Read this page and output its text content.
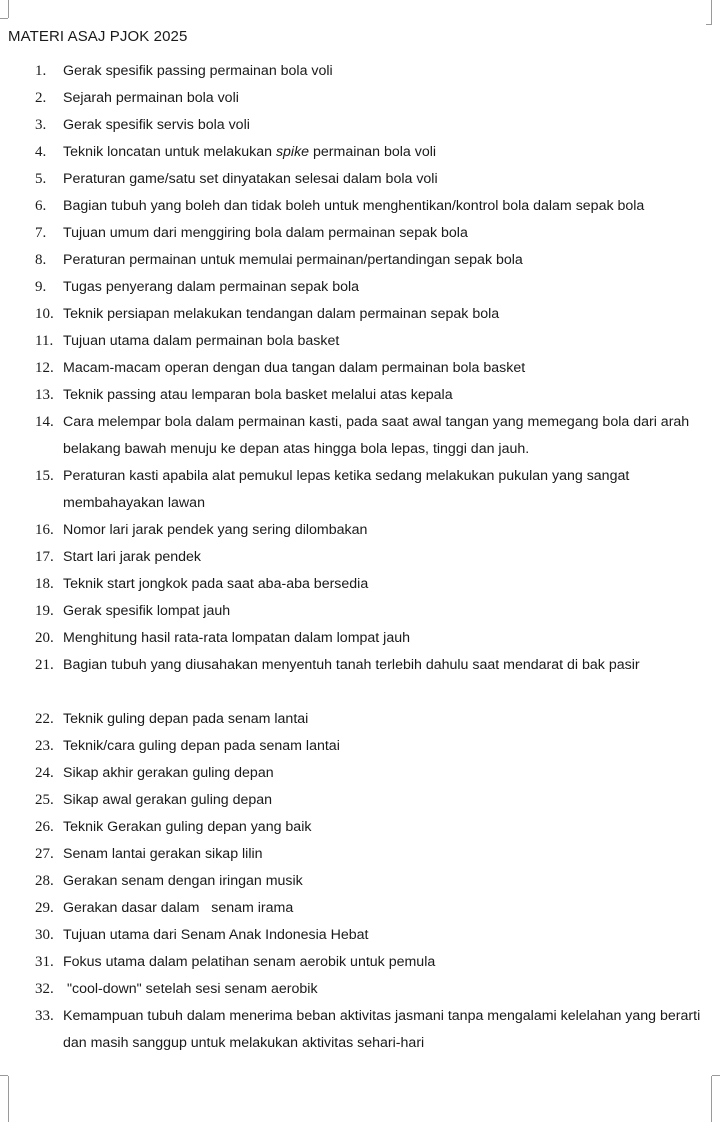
MATERI ASAJ PJOK 2025
1.	Gerak spesifik passing permainan bola voli
2.	Sejarah permainan bola voli
3.	Gerak spesifik servis bola voli
4.	Teknik loncatan untuk melakukan spike permainan bola voli
5.	Peraturan game/satu set dinyatakan selesai dalam bola voli
6.	Bagian tubuh yang boleh dan tidak boleh untuk menghentikan/kontrol bola dalam sepak bola
7.	Tujuan umum dari menggiring bola dalam permainan sepak bola
8.	Peraturan permainan untuk memulai permainan/pertandingan sepak bola
9.	Tugas penyerang dalam permainan sepak bola
10. Teknik persiapan melakukan tendangan dalam permainan sepak bola
11. Tujuan utama dalam permainan bola basket
12. Macam-macam operan dengan dua tangan dalam permainan bola basket
13. Teknik passing atau lemparan bola basket melalui atas kepala
14. Cara melempar bola dalam permainan kasti, pada saat awal tangan yang memegang bola dari arah belakang bawah menuju ke depan atas hingga bola lepas, tinggi dan jauh.
15. Peraturan kasti apabila alat pemukul lepas ketika sedang melakukan pukulan yang sangat membahayakan lawan
16. Nomor lari jarak pendek yang sering dilombakan
17. Start lari jarak pendek
18. Teknik start jongkok pada saat aba-aba bersedia
19. Gerak spesifik lompat jauh
20. Menghitung hasil rata-rata lompatan dalam lompat jauh
21. Bagian tubuh yang diusahakan menyentuh tanah terlebih dahulu saat mendarat di bak pasir
22. Teknik guling depan pada senam lantai
23. Teknik/cara guling depan pada senam lantai
24. Sikap akhir gerakan guling depan
25. Sikap awal gerakan guling depan
26. Teknik Gerakan guling depan yang baik
27. Senam lantai gerakan sikap lilin
28. Gerakan senam dengan iringan musik
29. Gerakan dasar dalam   senam irama
30. Tujuan utama dari Senam Anak Indonesia Hebat
31. Fokus utama dalam pelatihan senam aerobik untuk pemula
32. "cool-down" setelah sesi senam aerobik
33. Kemampuan tubuh dalam menerima beban aktivitas jasmani tanpa mengalami kelelahan yang berarti dan masih sanggup untuk melakukan aktivitas sehari-hari
